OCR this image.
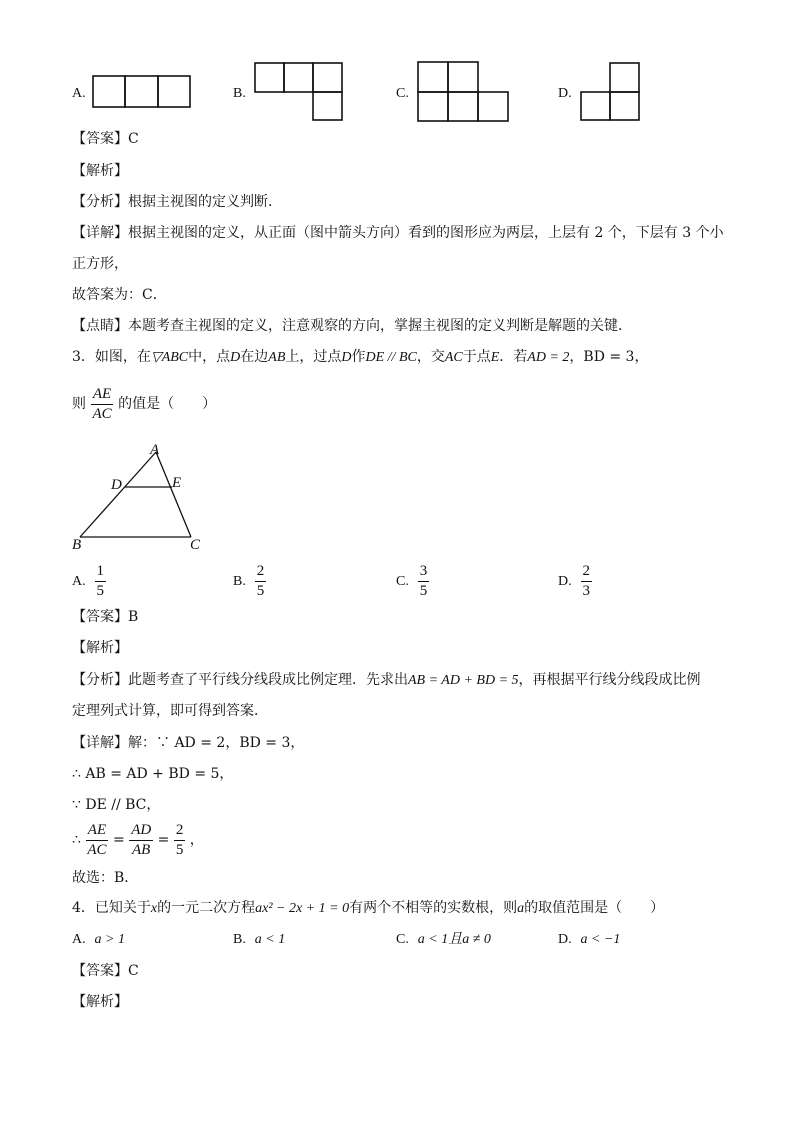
A.	B.	C.	D.
【答案】C
【解析】
【分析】根据主视图的定义判断．
【详解】根据主视图的定义，从正面（图中箭头方向）看到的图形应为两层，上层有 2 个，下层有 3 个小
正方形，
故答案为：C．
【点睛】本题考查主视图的定义，注意观察的方向，掌握主视图的定义判断是解题的关键．
3．如图，在▽ABC中，点D在边AB上，过点D作DE // BC，交AC于点E．若AD = 2，BD = 3，
则 $\frac{AE}{AC}$ 的值是（　　）
A
D	E
B	C
A. $\frac{1}{5}$	B. $\frac{2}{5}$	C. $\frac{3}{5}$	D. $\frac{2}{3}$
【答案】B
【解析】
【分析】此题考查了平行线分线段成比例定理．先求出AB = AD + BD = 5，再根据平行线分线段成比例
定理列式计算，即可得到答案．
【详解】解：∵ AD = 2，BD = 3，
∴ AB = AD + BD = 5，
∵ DE // BC，
∴ $\frac{AE}{AC} = \frac{AD}{AB} = \frac{2}{5}$ ，
故选：B．
4．已知关于x的一元二次方程ax² − 2x + 1 = 0有两个不相等的实数根，则a的取值范围是（　　）
A. a > 1	B. a < 1	C. a < 1且a ≠ 0	D. a < −1
【答案】C
【解析】
